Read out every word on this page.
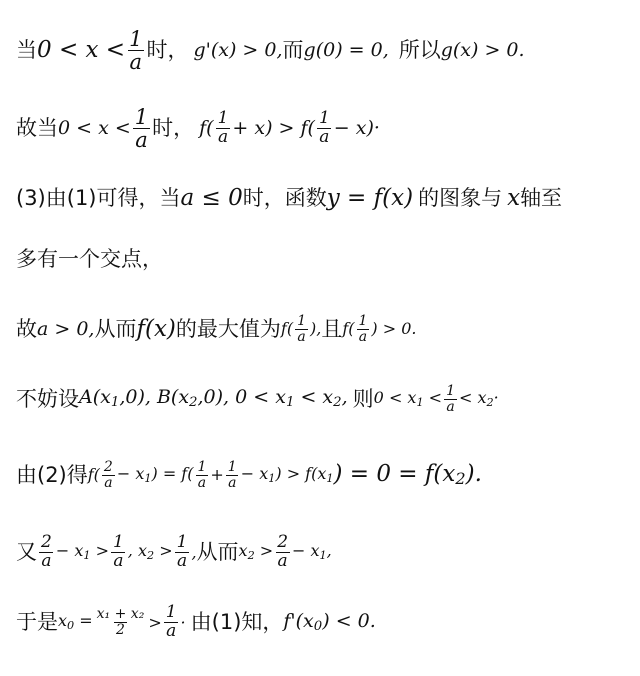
当 $0 < x < \frac{1}{a}$ 时， g'(x) > 0, 而 g(0) = 0, 所以 g(x) > 0.
故当 $0 < x < \frac{1}{a}$ 时， $f( \frac{1}{a} + x) > f( \frac{1}{a} - x)\cdot$
(3)由(1)可得，当 a ≤ 0 时，函数 y = f(x) 的图象与 x 轴至
多有一个交点，
故 a > 0, 从而 f(x) 的最大值为 $f( \frac{1}{a}$ ), 且 $f( \frac{1}{a}$ ) > 0.
不妨设 $A(x_1,0)$, $B(x_2,0)$, $0 < x_1 < x_2$, 则 $0 < x_1 < \frac{1}{a} < x_2\cdot$
由(2)得 $f( \frac{2}{a} - x_1) = f( \frac{1}{a} + \frac{1}{a} - x_1) > f(x_1$ ) = $0 = f(x_2)$.
又 $\frac{2}{a} - x_1 > \frac{1}{a}$ , $x_2 > \frac{1}{a}$ , 从而 $x_2 > \frac{2}{a} - x_1$,
于是 $x_0 = \frac{\text{x₁ + x₂}}{2} > \frac{1}{a}$ · 由(1)知， $f'(x_0) < 0$.
